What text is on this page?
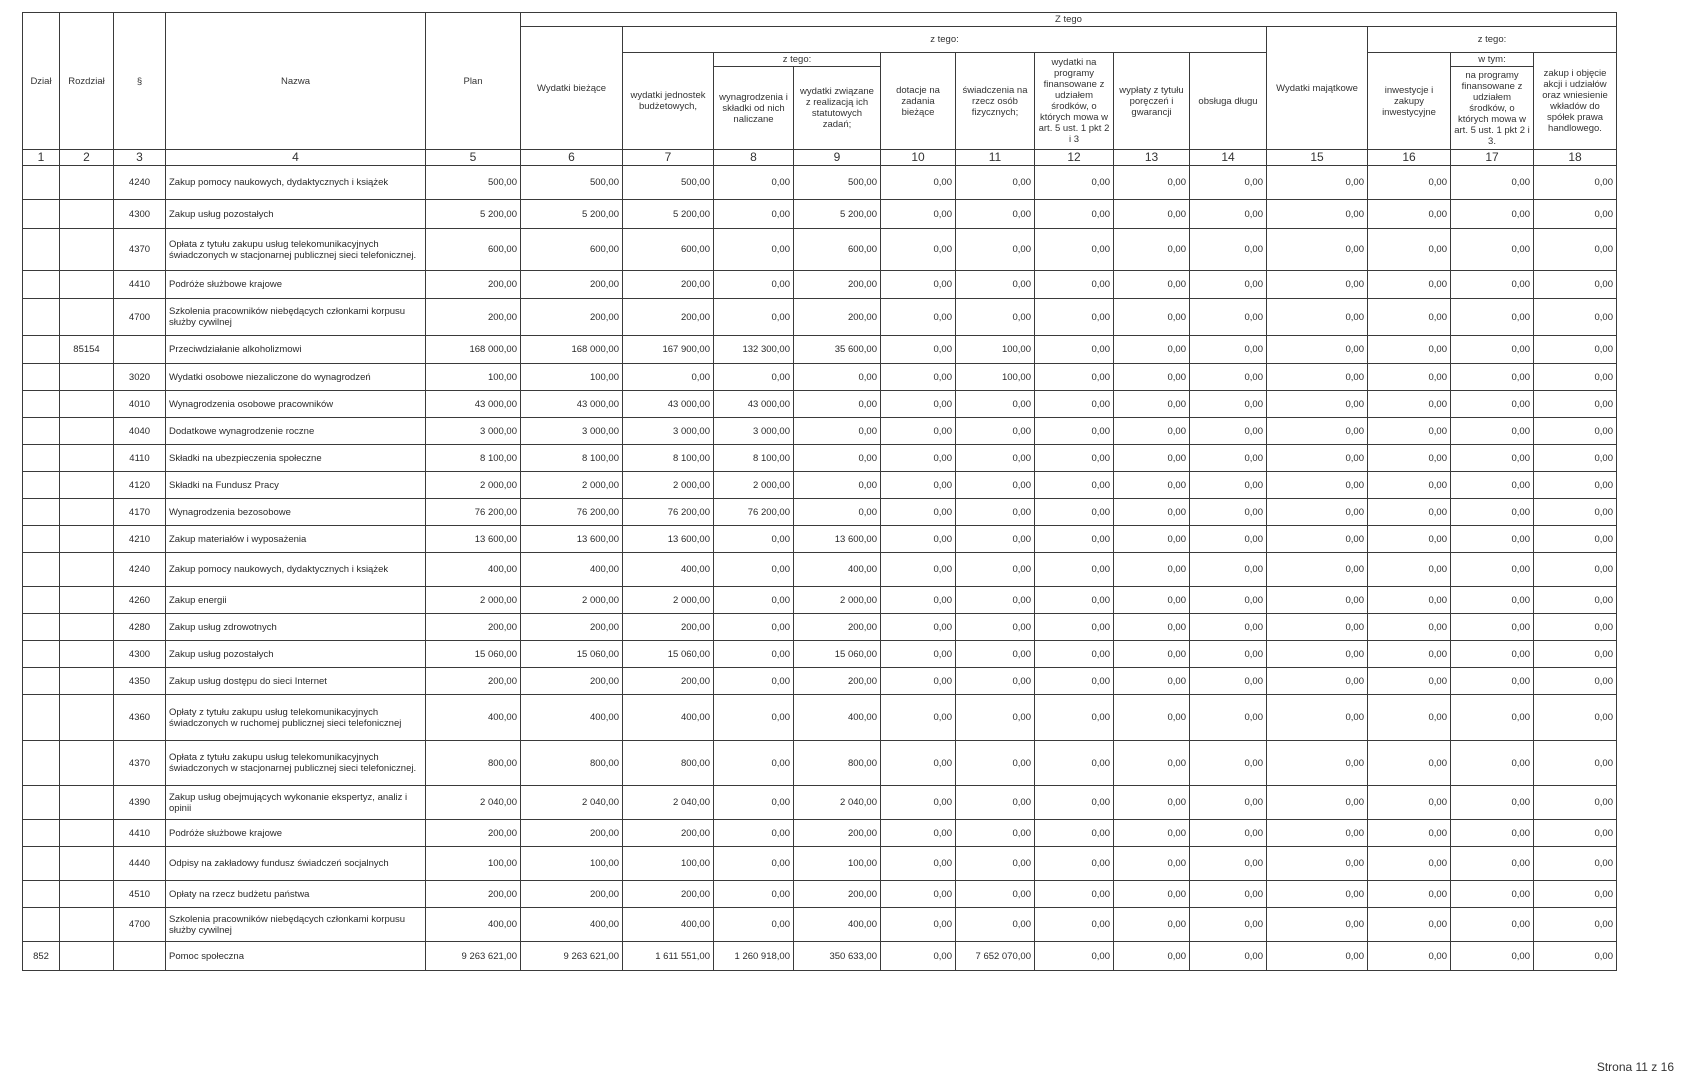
Dział	Rozdział	§	Nazwa	Plan	Z tego												
					Wydatki bieżące	z tego:								Wydatki majątkowe	z tego:		
						wydatki jednostek budżetowych,	z tego:		dotacje na zadania bieżące	świadczenia na rzecz osób fizycznych;	wydatki na programy finansowane z udziałem środków, o których mowa w art. 5 ust. 1 pkt 2 i 3	wypłaty z tytułu poręczeń i gwarancji	obsługa długu		inwestycje i zakupy inwestycyjne	w tym:	zakup i objęcie akcji i udziałów oraz wniesienie wkładów do spółek prawa handlowego.
							wynagrodzenia i składki od nich naliczane	wydatki związane z realizacją ich statutowych zadań;								na programy finansowane z udziałem środków, o których mowa w art. 5 ust. 1 pkt 2 i 3.	
1	2	3	4	5	6	7	8	9	10	11	12	13	14	15	16	17	18
		4240	Zakup pomocy naukowych, dydaktycznych i książek	500,00	500,00	500,00	0,00	500,00	0,00	0,00	0,00	0,00	0,00	0,00	0,00	0,00	0,00
		4300	Zakup usług pozostałych	5 200,00	5 200,00	5 200,00	0,00	5 200,00	0,00	0,00	0,00	0,00	0,00	0,00	0,00	0,00	0,00
		4370	Opłata z tytułu zakupu usług telekomunikacyjnych świadczonych w stacjonarnej publicznej sieci telefonicznej.	600,00	600,00	600,00	0,00	600,00	0,00	0,00	0,00	0,00	0,00	0,00	0,00	0,00	0,00
		4410	Podróże służbowe krajowe	200,00	200,00	200,00	0,00	200,00	0,00	0,00	0,00	0,00	0,00	0,00	0,00	0,00	0,00
		4700	Szkolenia pracowników niebędących członkami korpusu służby cywilnej	200,00	200,00	200,00	0,00	200,00	0,00	0,00	0,00	0,00	0,00	0,00	0,00	0,00	0,00
	85154		Przeciwdziałanie alkoholizmowi	168 000,00	168 000,00	167 900,00	132 300,00	35 600,00	0,00	100,00	0,00	0,00	0,00	0,00	0,00	0,00	0,00
		3020	Wydatki osobowe niezaliczone do wynagrodzeń	100,00	100,00	0,00	0,00	0,00	0,00	100,00	0,00	0,00	0,00	0,00	0,00	0,00	0,00
		4010	Wynagrodzenia osobowe pracowników	43 000,00	43 000,00	43 000,00	43 000,00	0,00	0,00	0,00	0,00	0,00	0,00	0,00	0,00	0,00	0,00
		4040	Dodatkowe wynagrodzenie roczne	3 000,00	3 000,00	3 000,00	3 000,00	0,00	0,00	0,00	0,00	0,00	0,00	0,00	0,00	0,00	0,00
		4110	Składki na ubezpieczenia społeczne	8 100,00	8 100,00	8 100,00	8 100,00	0,00	0,00	0,00	0,00	0,00	0,00	0,00	0,00	0,00	0,00
		4120	Składki na Fundusz Pracy	2 000,00	2 000,00	2 000,00	2 000,00	0,00	0,00	0,00	0,00	0,00	0,00	0,00	0,00	0,00	0,00
		4170	Wynagrodzenia bezosobowe	76 200,00	76 200,00	76 200,00	76 200,00	0,00	0,00	0,00	0,00	0,00	0,00	0,00	0,00	0,00	0,00
		4210	Zakup materiałów i wyposażenia	13 600,00	13 600,00	13 600,00	0,00	13 600,00	0,00	0,00	0,00	0,00	0,00	0,00	0,00	0,00	0,00
		4240	Zakup pomocy naukowych, dydaktycznych i książek	400,00	400,00	400,00	0,00	400,00	0,00	0,00	0,00	0,00	0,00	0,00	0,00	0,00	0,00
		4260	Zakup energii	2 000,00	2 000,00	2 000,00	0,00	2 000,00	0,00	0,00	0,00	0,00	0,00	0,00	0,00	0,00	0,00
		4280	Zakup usług zdrowotnych	200,00	200,00	200,00	0,00	200,00	0,00	0,00	0,00	0,00	0,00	0,00	0,00	0,00	0,00
		4300	Zakup usług pozostałych	15 060,00	15 060,00	15 060,00	0,00	15 060,00	0,00	0,00	0,00	0,00	0,00	0,00	0,00	0,00	0,00
		4350	Zakup usług dostępu do sieci Internet	200,00	200,00	200,00	0,00	200,00	0,00	0,00	0,00	0,00	0,00	0,00	0,00	0,00	0,00
		4360	Opłaty z tytułu zakupu usług telekomunikacyjnych świadczonych w ruchomej publicznej sieci telefonicznej	400,00	400,00	400,00	0,00	400,00	0,00	0,00	0,00	0,00	0,00	0,00	0,00	0,00	0,00
		4370	Opłata z tytułu zakupu usług telekomunikacyjnych świadczonych w stacjonarnej publicznej sieci telefonicznej.	800,00	800,00	800,00	0,00	800,00	0,00	0,00	0,00	0,00	0,00	0,00	0,00	0,00	0,00
		4390	Zakup usług obejmujących wykonanie ekspertyz, analiz i opinii	2 040,00	2 040,00	2 040,00	0,00	2 040,00	0,00	0,00	0,00	0,00	0,00	0,00	0,00	0,00	0,00
		4410	Podróże służbowe krajowe	200,00	200,00	200,00	0,00	200,00	0,00	0,00	0,00	0,00	0,00	0,00	0,00	0,00	0,00
		4440	Odpisy na zakładowy fundusz świadczeń socjalnych	100,00	100,00	100,00	0,00	100,00	0,00	0,00	0,00	0,00	0,00	0,00	0,00	0,00	0,00
		4510	Opłaty na rzecz budżetu państwa	200,00	200,00	200,00	0,00	200,00	0,00	0,00	0,00	0,00	0,00	0,00	0,00	0,00	0,00
		4700	Szkolenia pracowników niebędących członkami korpusu służby cywilnej	400,00	400,00	400,00	0,00	400,00	0,00	0,00	0,00	0,00	0,00	0,00	0,00	0,00	0,00
852			Pomoc społeczna	9 263 621,00	9 263 621,00	1 611 551,00	1 260 918,00	350 633,00	0,00	7 652 070,00	0,00	0,00	0,00	0,00	0,00	0,00	0,00
Strona 11 z 16
